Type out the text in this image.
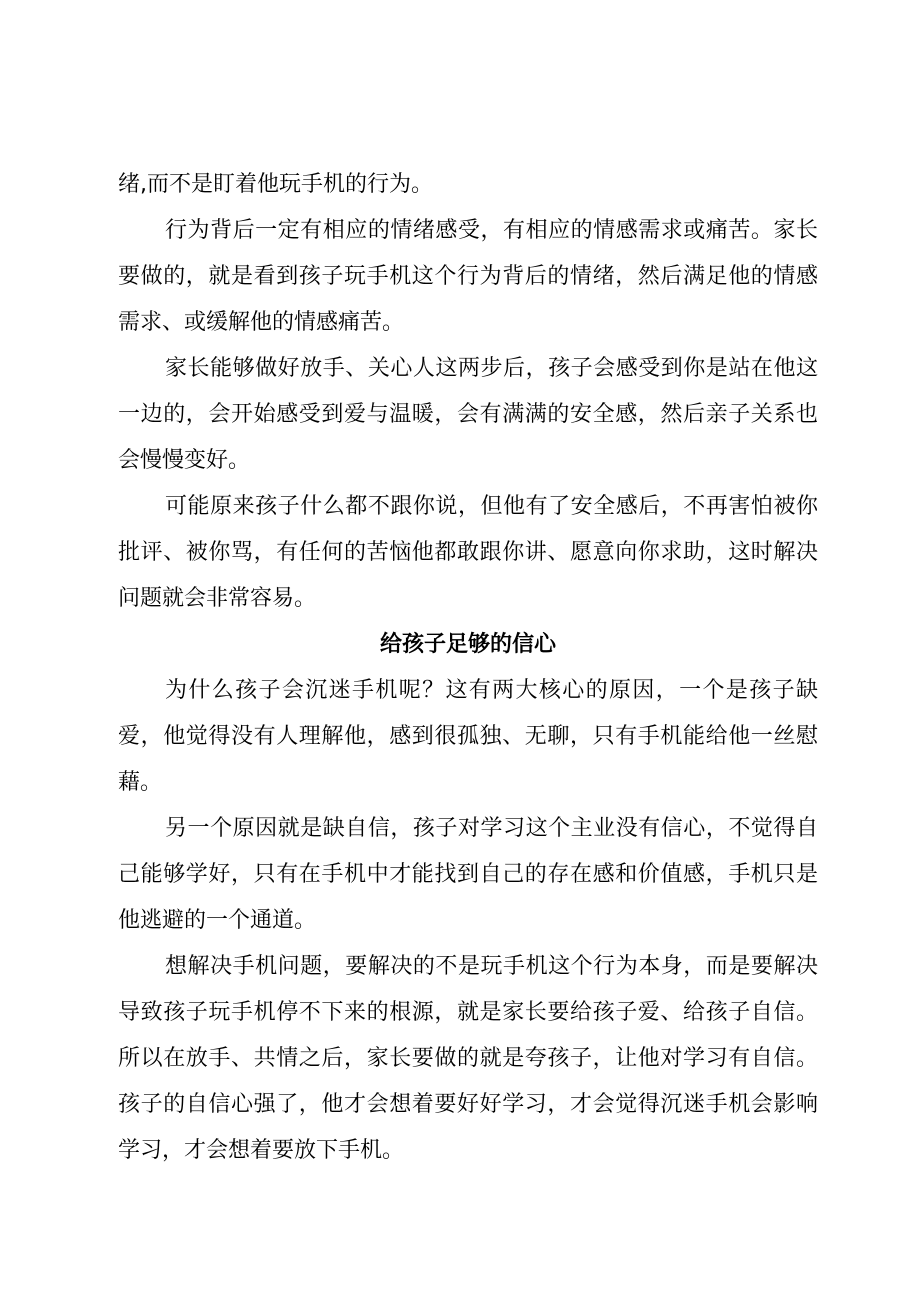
绪,而不是盯着他玩手机的行为。

行为背后一定有相应的情绪感受，有相应的情感需求或痛苦。家长要做的，就是看到孩子玩手机这个行为背后的情绪，然后满足他的情感需求、或缓解他的情感痛苦。

家长能够做好放手、关心人这两步后，孩子会感受到你是站在他这一边的，会开始感受到爱与温暖，会有满满的安全感，然后亲子关系也会慢慢变好。

可能原来孩子什么都不跟你说，但他有了安全感后，不再害怕被你批评、被你骂，有任何的苦恼他都敢跟你讲、愿意向你求助，这时解决问题就会非常容易。

给孩子足够的信心

为什么孩子会沉迷手机呢？这有两大核心的原因，一个是孩子缺爱，他觉得没有人理解他，感到很孤独、无聊，只有手机能给他一丝慰藉。

另一个原因就是缺自信，孩子对学习这个主业没有信心，不觉得自己能够学好，只有在手机中才能找到自己的存在感和价值感，手机只是他逃避的一个通道。

想解决手机问题，要解决的不是玩手机这个行为本身，而是要解决导致孩子玩手机停不下来的根源，就是家长要给孩子爱、给孩子自信。所以在放手、共情之后，家长要做的就是夸孩子，让他对学习有自信。孩子的自信心强了，他才会想着要好好学习，才会觉得沉迷手机会影响学习，才会想着要放下手机。
